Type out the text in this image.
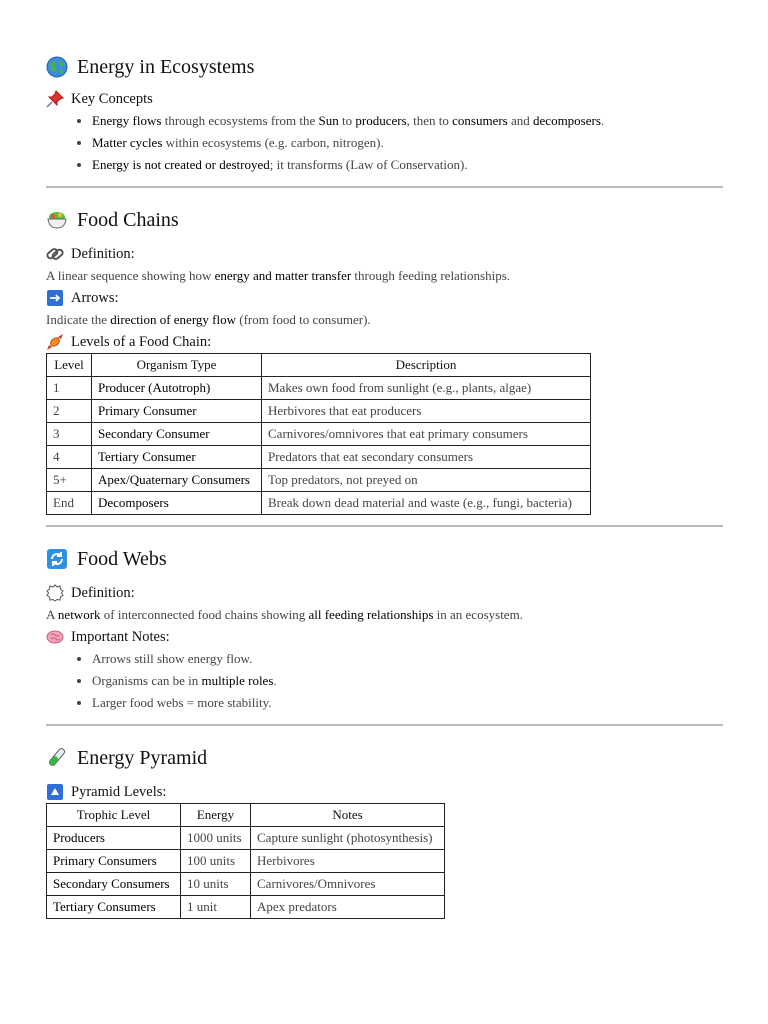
Energy in Ecosystems
Key Concepts
• Energy flows through ecosystems from the Sun to producers, then to consumers and decomposers.
• Matter cycles within ecosystems (e.g. carbon, nitrogen).
• Energy is not created or destroyed; it transforms (Law of Conservation).
Food Chains
Definition:

A linear sequence showing how energy and matter transfer through feeding relationships.

Arrows:

Indicate the direction of energy flow (from food to consumer).

Levels of a Food Chain:
Level	Organism Type	Description
1	Producer (Autotroph)	Makes own food from sunlight (e.g., plants, algae)
2	Primary Consumer	Herbivores that eat producers
3	Secondary Consumer	Carnivores/omnivores that eat primary consumers
4	Tertiary Consumer	Predators that eat secondary consumers
5+	Apex/Quaternary Consumers	Top predators, not preyed on
End	Decomposers	Break down dead material and waste (e.g., fungi, bacteria)
Food Webs
Definition:

A network of interconnected food chains showing all feeding relationships in an ecosystem.

Important Notes:
• Arrows still show energy flow.
• Organisms can be in multiple roles.
• Larger food webs = more stability.
Energy Pyramid
Pyramid Levels:
Trophic Level	Energy	Notes
Producers	1000 units	Capture sunlight (photosynthesis)
Primary Consumers	100 units	Herbivores
Secondary Consumers	10 units	Carnivores/Omnivores
Tertiary Consumers	1 unit	Apex predators
